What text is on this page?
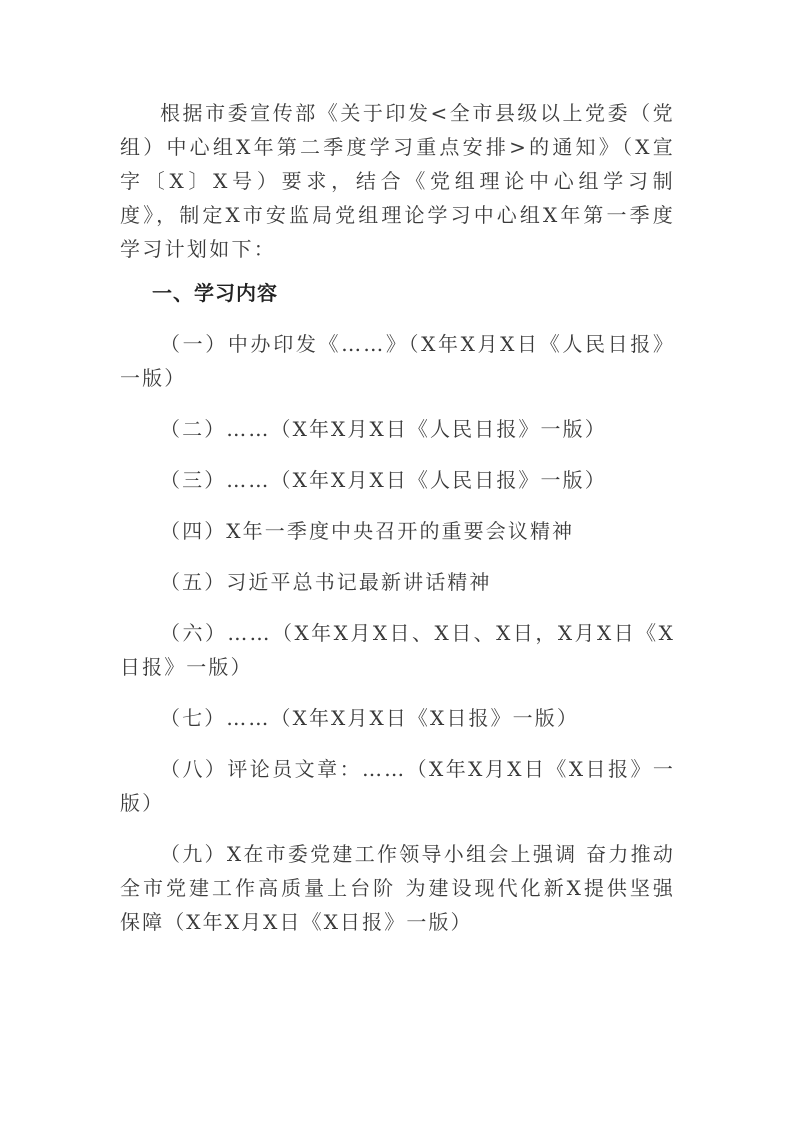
根据市委宣传部《关于印发<全市县级以上党委（党组）中心组X年第二季度学习重点安排>的通知》（X宣字〔X〕X号）要求，结合《党组理论中心组学习制度》，制定X市安监局党组理论学习中心组X年第一季度学习计划如下：

一、学习内容

（一）中办印发《……》（X年X月X日《人民日报》一版）

（二）……（X年X月X日《人民日报》一版）

（三）……（X年X月X日《人民日报》一版）

（四）X年一季度中央召开的重要会议精神

（五）习近平总书记最新讲话精神

（六）……（X年X月X日、X日、X日，X月X日《X日报》一版）

（七）……（X年X月X日《X日报》一版）

（八）评论员文章：……（X年X月X日《X日报》一版）

（九）X在市委党建工作领导小组会上强调 奋力推动全市党建工作高质量上台阶 为建设现代化新X提供坚强保障（X年X月X日《X日报》一版）
